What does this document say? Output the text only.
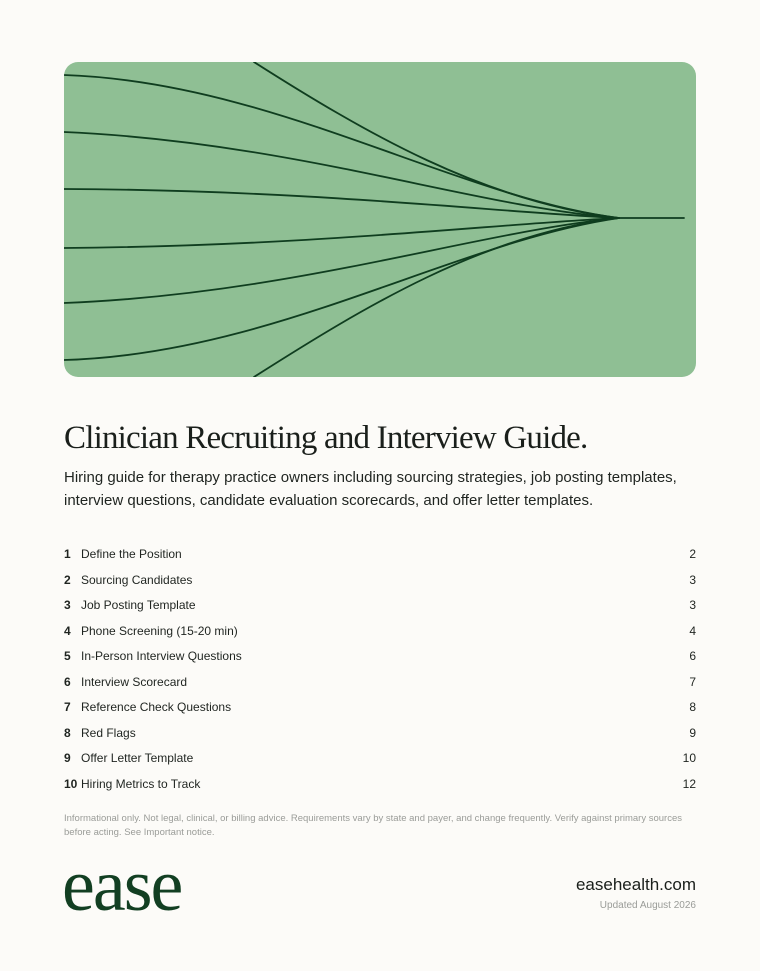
Clinician Recruiting and Interview Guide.
Hiring guide for therapy practice owners including sourcing strategies, job posting templates, interview questions, candidate evaluation scorecards, and offer letter templates.
1 Define the Position	2
2 Sourcing Candidates	3
3 Job Posting Template	3
4 Phone Screening (15-20 min)	4
5 In-Person Interview Questions	6
6 Interview Scorecard	7
7 Reference Check Questions	8
8 Red Flags	9
9 Offer Letter Template	10
10 Hiring Metrics to Track	12
Informational only. Not legal, clinical, or billing advice. Requirements vary by state and payer, and change frequently. Verify against primary sources before acting. See Important notice.
ease	easehealth.com
Updated August 2026
